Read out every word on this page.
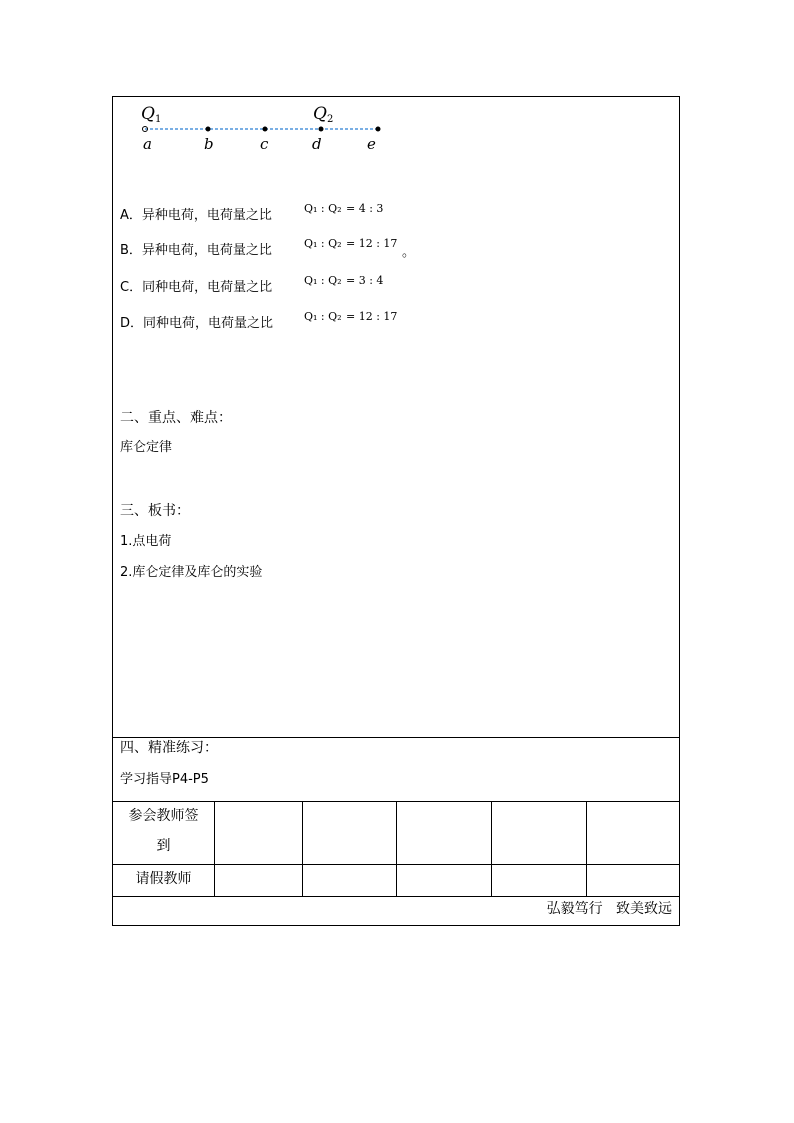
Q1	Q2
a	b	c	d	e
A．异种电荷，电荷量之比	Q₁ : Q₂ = 4 : 3
B．异种电荷，电荷量之比	Q₁ : Q₂ = 12 : 17
。
C．同种电荷，电荷量之比	Q₁ : Q₂ = 3 : 4
D．同种电荷，电荷量之比	Q₁ : Q₂ = 12 : 17
二、重点、难点：
库仑定律
三、板书：
1.点电荷
2.库仑定律及库仑的实验
四、精准练习：
学习指导P4-P5
参会教师签
到
请假教师
弘毅笃行   致美致远
